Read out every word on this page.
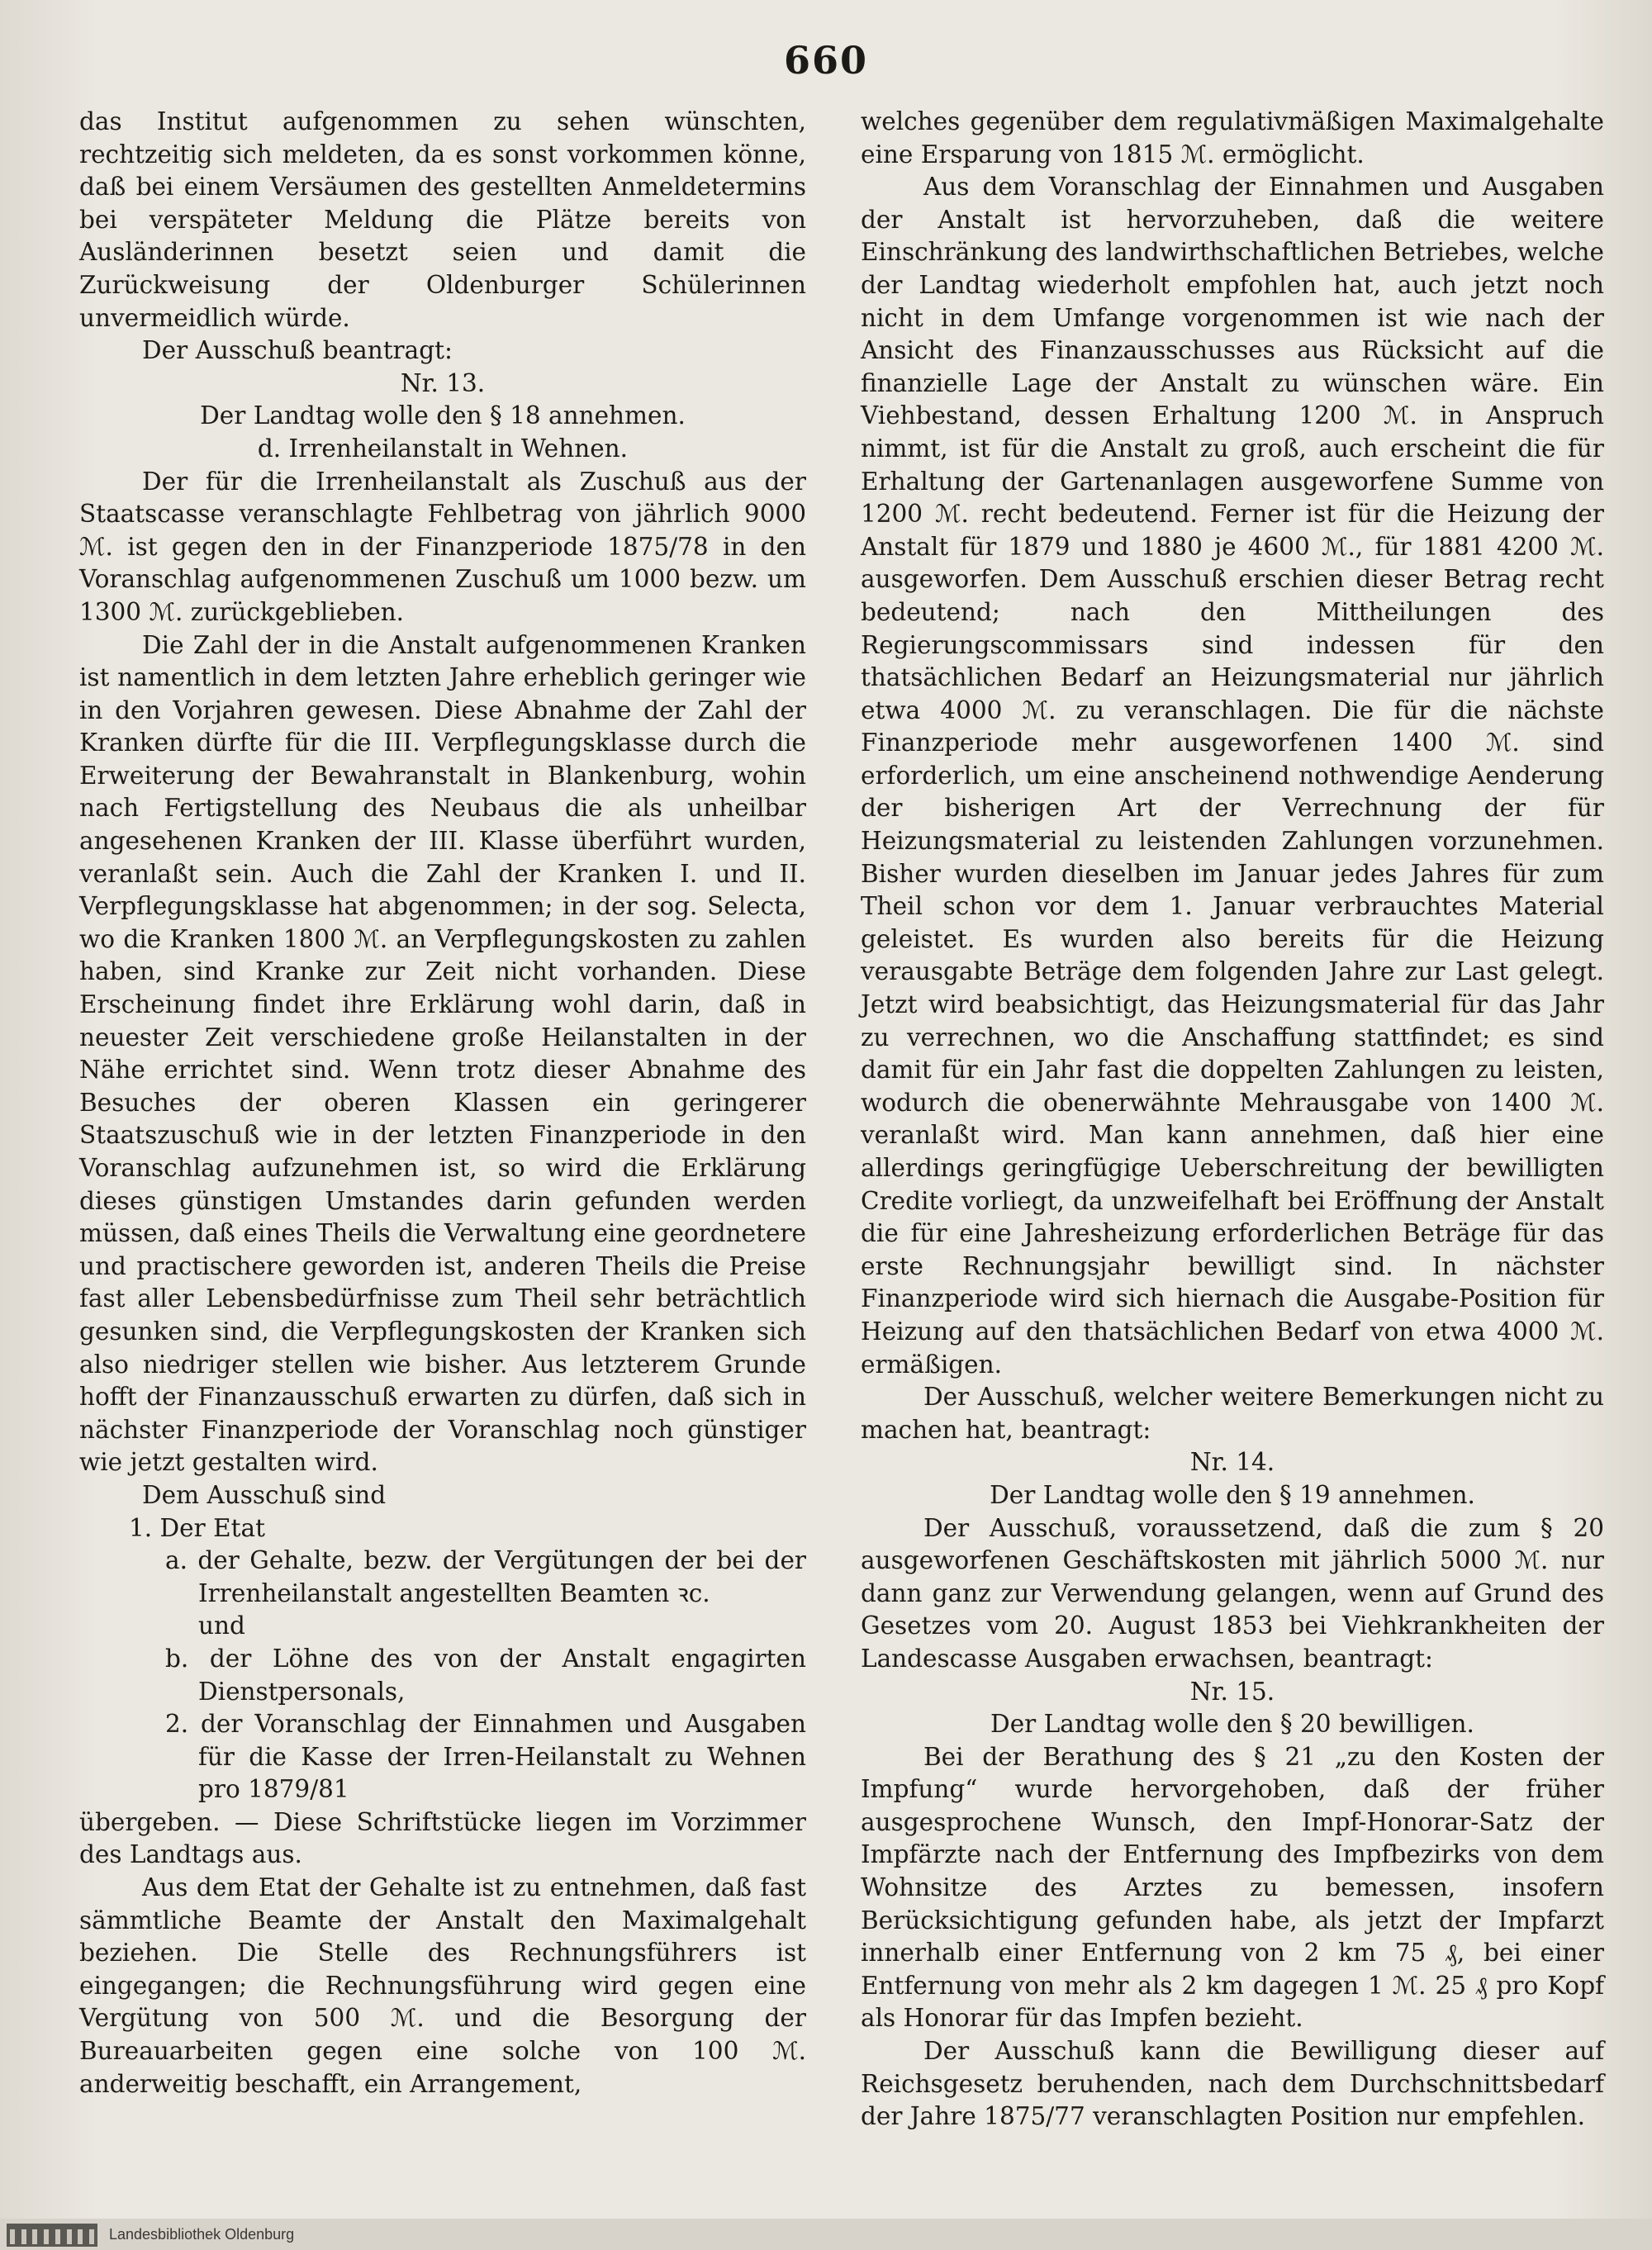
660

das Institut aufgenommen zu sehen wünschten, rechtzeitig sich meldeten, da es sonst vorkommen könne, daß bei einem Versäumen des gestellten Anmeldetermins bei verspäteter Meldung die Plätze bereits von Ausländerinnen besetzt seien und damit die Zurückweisung der Oldenburger Schülerinnen unvermeidlich würde.

Der Ausschuß beantragt:

Nr. 13.

Der Landtag wolle den § 18 annehmen.

d. Irrenheilanstalt in Wehnen.

Der für die Irrenheilanstalt als Zuschuß aus der Staatscasse veranschlagte Fehlbetrag von jährlich 9000 ℳ. ist gegen den in der Finanzperiode 1875/78 in den Voranschlag aufgenommenen Zuschuß um 1000 bezw. um 1300 ℳ. zurückgeblieben.

Die Zahl der in die Anstalt aufgenommenen Kranken ist namentlich in dem letzten Jahre erheblich geringer wie in den Vorjahren gewesen. Diese Abnahme der Zahl der Kranken dürfte für die III. Verpflegungsklasse durch die Erweiterung der Bewahranstalt in Blankenburg, wohin nach Fertigstellung des Neubaus die als unheilbar angesehenen Kranken der III. Klasse überführt wurden, veranlaßt sein. Auch die Zahl der Kranken I. und II. Verpflegungsklasse hat abgenommen; in der sog. Selecta, wo die Kranken 1800 ℳ. an Verpflegungskosten zu zahlen haben, sind Kranke zur Zeit nicht vorhanden. Diese Erscheinung findet ihre Erklärung wohl darin, daß in neuester Zeit verschiedene große Heilanstalten in der Nähe errichtet sind. Wenn trotz dieser Abnahme des Besuches der oberen Klassen ein geringerer Staatszuschuß wie in der letzten Finanzperiode in den Voranschlag aufzunehmen ist, so wird die Erklärung dieses günstigen Umstandes darin gefunden werden müssen, daß eines Theils die Verwaltung eine geordnetere und practischere geworden ist, anderen Theils die Preise fast aller Lebensbedürfnisse zum Theil sehr beträchtlich gesunken sind, die Verpflegungskosten der Kranken sich also niedriger stellen wie bisher. Aus letzterem Grunde hofft der Finanzausschuß erwarten zu dürfen, daß sich in nächster Finanzperiode der Voranschlag noch günstiger wie jetzt gestalten wird.

Dem Ausschuß sind

1. Der Etat

a. der Gehalte, bezw. der Vergütungen der bei der Irrenheilanstalt angestellten Beamten ꝛc.

und

b. der Löhne des von der Anstalt engagirten Dienstpersonals,

2. der Voranschlag der Einnahmen und Ausgaben für die Kasse der Irren-Heilanstalt zu Wehnen pro 1879/81

übergeben. — Diese Schriftstücke liegen im Vorzimmer des Landtags aus.

Aus dem Etat der Gehalte ist zu entnehmen, daß fast sämmtliche Beamte der Anstalt den Maximalgehalt beziehen. Die Stelle des Rechnungsführers ist eingegangen; die Rechnungsführung wird gegen eine Vergütung von 500 ℳ. und die Besorgung der Bureauarbeiten gegen eine solche von 100 ℳ. anderweitig beschafft, ein Arrangement,

welches gegenüber dem regulativmäßigen Maximalgehalte eine Ersparung von 1815 ℳ. ermöglicht.

Aus dem Voranschlag der Einnahmen und Ausgaben der Anstalt ist hervorzuheben, daß die weitere Einschränkung des landwirthschaftlichen Betriebes, welche der Landtag wiederholt empfohlen hat, auch jetzt noch nicht in dem Umfange vorgenommen ist wie nach der Ansicht des Finanzausschusses aus Rücksicht auf die finanzielle Lage der Anstalt zu wünschen wäre. Ein Viehbestand, dessen Erhaltung 1200 ℳ. in Anspruch nimmt, ist für die Anstalt zu groß, auch erscheint die für Erhaltung der Gartenanlagen ausgeworfene Summe von 1200 ℳ. recht bedeutend. Ferner ist für die Heizung der Anstalt für 1879 und 1880 je 4600 ℳ., für 1881 4200 ℳ. ausgeworfen. Dem Ausschuß erschien dieser Betrag recht bedeutend; nach den Mittheilungen des Regierungscommissars sind indessen für den thatsächlichen Bedarf an Heizungsmaterial nur jährlich etwa 4000 ℳ. zu veranschlagen. Die für die nächste Finanzperiode mehr ausgeworfenen 1400 ℳ. sind erforderlich, um eine anscheinend nothwendige Aenderung der bisherigen Art der Verrechnung der für Heizungsmaterial zu leistenden Zahlungen vorzunehmen. Bisher wurden dieselben im Januar jedes Jahres für zum Theil schon vor dem 1. Januar verbrauchtes Material geleistet. Es wurden also bereits für die Heizung verausgabte Beträge dem folgenden Jahre zur Last gelegt. Jetzt wird beabsichtigt, das Heizungsmaterial für das Jahr zu verrechnen, wo die Anschaffung stattfindet; es sind damit für ein Jahr fast die doppelten Zahlungen zu leisten, wodurch die obenerwähnte Mehrausgabe von 1400 ℳ. veranlaßt wird. Man kann annehmen, daß hier eine allerdings geringfügige Ueberschreitung der bewilligten Credite vorliegt, da unzweifelhaft bei Eröffnung der Anstalt die für eine Jahresheizung erforderlichen Beträge für das erste Rechnungsjahr bewilligt sind. In nächster Finanzperiode wird sich hiernach die Ausgabe-Position für Heizung auf den thatsächlichen Bedarf von etwa 4000 ℳ. ermäßigen.

Der Ausschuß, welcher weitere Bemerkungen nicht zu machen hat, beantragt:

Nr. 14.

Der Landtag wolle den § 19 annehmen.

Der Ausschuß, voraussetzend, daß die zum § 20 ausgeworfenen Geschäftskosten mit jährlich 5000 ℳ. nur dann ganz zur Verwendung gelangen, wenn auf Grund des Gesetzes vom 20. August 1853 bei Viehkrankheiten der Landescasse Ausgaben erwachsen, beantragt:

Nr. 15.

Der Landtag wolle den § 20 bewilligen.

Bei der Berathung des § 21 „zu den Kosten der Impfung“ wurde hervorgehoben, daß der früher ausgesprochene Wunsch, den Impf-Honorar-Satz der Impfärzte nach der Entfernung des Impfbezirks von dem Wohnsitze des Arztes zu bemessen, insofern Berücksichtigung gefunden habe, als jetzt der Impfarzt innerhalb einer Entfernung von 2 km 75 ₰, bei einer Entfernung von mehr als 2 km dagegen 1 ℳ. 25 ₰ pro Kopf als Honorar für das Impfen bezieht.

Der Ausschuß kann die Bewilligung dieser auf Reichsgesetz beruhenden, nach dem Durchschnittsbedarf der Jahre 1875/77 veranschlagten Position nur empfehlen.

Landesbibliothek Oldenburg
